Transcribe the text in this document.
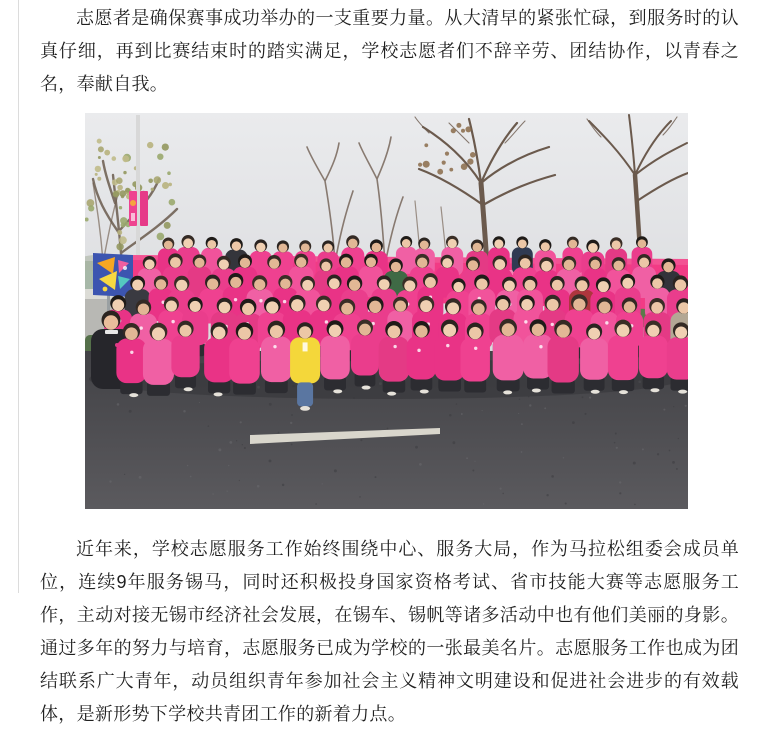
志愿者是确保赛事成功举办的一支重要力量。从大清早的紧张忙碌，到服务时的认真仔细，再到比赛结束时的踏实满足，学校志愿者们不辞辛劳、团结协作，以青春之名，奉献自我。

近年来，学校志愿服务工作始终围绕中心、服务大局，作为马拉松组委会成员单位，连续9年服务锡马，同时还积极投身国家资格考试、省市技能大赛等志愿服务工作，主动对接无锡市经济社会发展，在锡车、锡帆等诸多活动中也有他们美丽的身影。通过多年的努力与培育，志愿服务已成为学校的一张最美名片。志愿服务工作也成为团结联系广大青年，动员组织青年参加社会主义精神文明建设和促进社会进步的有效载体，是新形势下学校共青团工作的新着力点。
